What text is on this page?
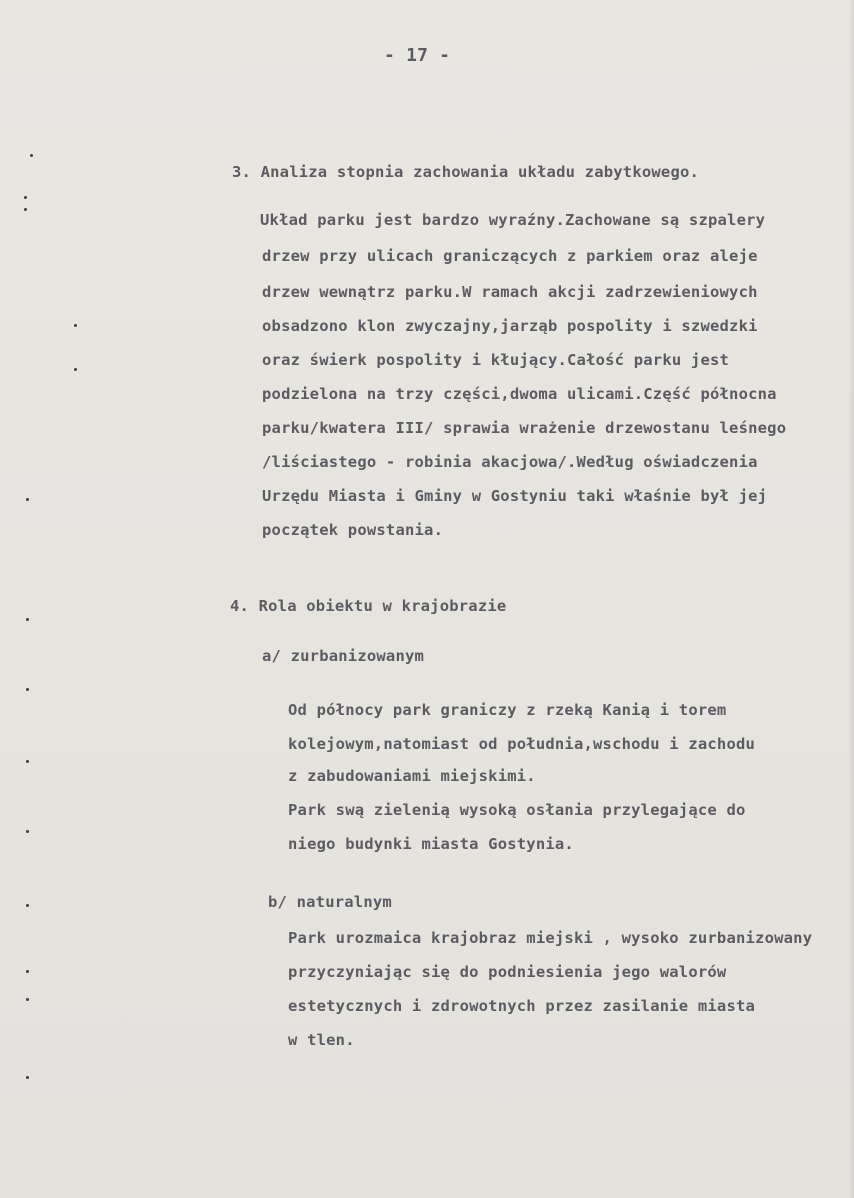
- 17 -
3. Analiza stopnia zachowania układu zabytkowego.
Układ parku jest bardzo wyraźny.Zachowane są szpalery
drzew przy ulicach graniczących z parkiem oraz aleje
drzew wewnątrz parku.W ramach akcji zadrzewieniowych
obsadzono klon zwyczajny,jarząb pospolity i szwedzki
oraz świerk pospolity i kłujący.Całość parku jest
podzielona na trzy części,dwoma ulicami.Część północna
parku/kwatera III/ sprawia wrażenie drzewostanu leśnego
/liściastego - robinia akacjowa/.Według oświadczenia
Urzędu Miasta i Gminy w Gostyniu taki właśnie był jej
początek powstania.
4. Rola obiektu w krajobrazie
a/ zurbanizowanym
Od północy park graniczy z rzeką Kanią i torem
kolejowym,natomiast od południa,wschodu i zachodu
z zabudowaniami miejskimi.
Park swą zielenią wysoką osłania przylegające do
niego budynki miasta Gostynia.
b/ naturalnym
Park urozmaica krajobraz miejski , wysoko zurbanizowany
przyczyniając się do podniesienia jego walorów
estetycznych i zdrowotnych przez zasilanie miasta
w tlen.
